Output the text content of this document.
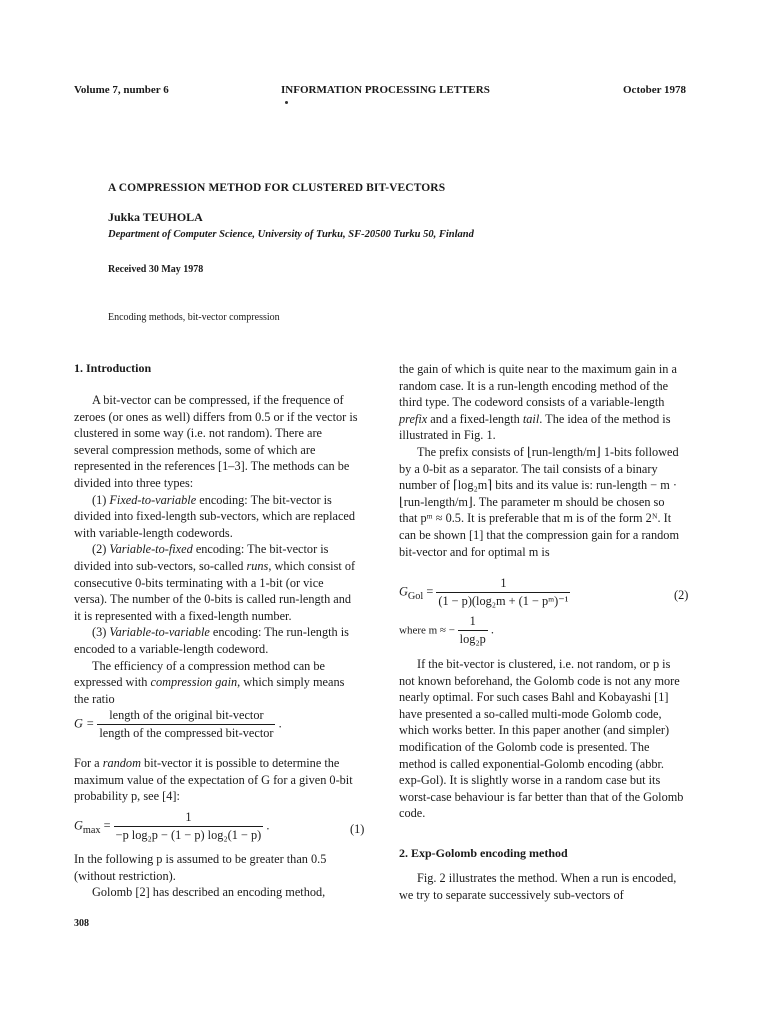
Volume 7, number 6	INFORMATION PROCESSING LETTERS	October 1978
A COMPRESSION METHOD FOR CLUSTERED BIT-VECTORS
Jukka TEUHOLA
Department of Computer Science, University of Turku, SF-20500 Turku 50, Finland
Received 30 May 1978
Encoding methods, bit-vector compression
1. Introduction

A bit-vector can be compressed, if the frequence of zeroes (or ones as well) differs from 0.5 or if the vector is clustered in some way (i.e. not random). There are several compression methods, some of which are represented in the references [1–3]. The methods can be divided into three types:

(1) Fixed-to-variable encoding: The bit-vector is divided into fixed-length sub-vectors, which are replaced with variable-length codewords.

(2) Variable-to-fixed encoding: The bit-vector is divided into sub-vectors, so-called runs, which consist of consecutive 0-bits terminating with a 1-bit (or vice versa). The number of the 0-bits is called run-length and it is represented with a fixed-length number.

(3) Variable-to-variable encoding: The run-length is encoded to a variable-length codeword.

The efficiency of a compression method can be expressed with compression gain, which simply means the ratio

$G = \frac{\text{length of the original bit-vector}}{\text{length of the compressed bit-vector}}$ .

For a random bit-vector it is possible to determine the maximum value of the expectation of G for a given 0-bit probability p, see [4]:

$G_{max} = \frac{1}{\text{−p log₂p − (1 − p) log₂(1 − p)}}$ .	(1)

In the following p is assumed to be greater than 0.5 (without restriction).

Golomb [2] has described an encoding method,

the gain of which is quite near to the maximum gain in a random case. It is a run-length encoding method of the third type. The codeword consists of a variable-length prefix and a fixed-length tail. The idea of the method is illustrated in Fig. 1.

The prefix consists of ⌊run-length/m⌋ 1-bits followed by a 0-bit as a separator. The tail consists of a binary number of ⌈log₂m⌉ bits and its value is: run-length − m · ⌊run-length/m⌋. The parameter m should be chosen so that pᵐ ≈ 0.5. It is preferable that m is of the form 2ᴺ. It can be shown [1] that the compression gain for a random bit-vector and for optimal m is

$G_{Gol} = \frac{1}{\text{(1 − p)(log₂m + (1 − pᵐ)⁻¹}}$	(2)
where m ≈ − $\frac{1}{\text{log₂p}}$ .

If the bit-vector is clustered, i.e. not random, or p is not known beforehand, the Golomb code is not any more nearly optimal. For such cases Bahl and Kobayashi [1] have presented a so-called multi-mode Golomb code, which works better. In this paper another (and simpler) modification of the Golomb code is presented. The method is called exponential-Golomb encoding (abbr. exp-Gol). It is slightly worse in a random case but its worst-case behaviour is far better than that of the Golomb code.

2. Exp-Golomb encoding method

Fig. 2 illustrates the method. When a run is encoded, we try to separate successively sub-vectors of

308
